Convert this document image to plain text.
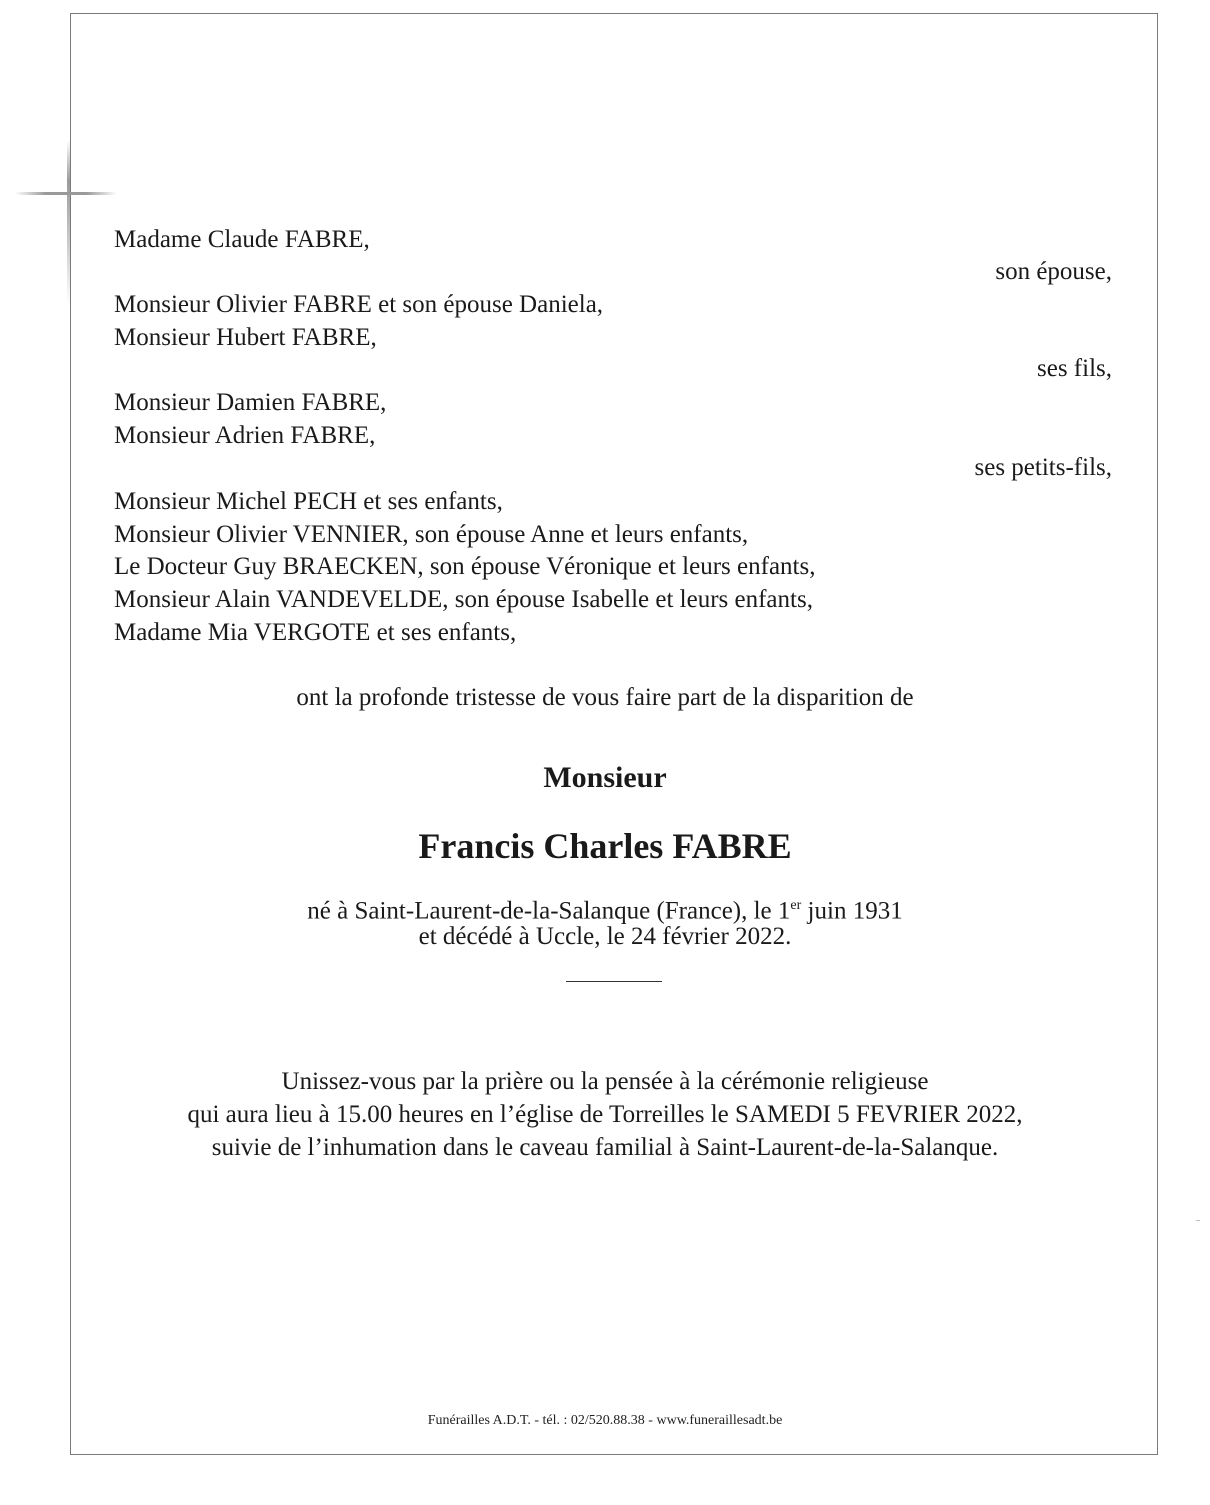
Madame Claude FABRE,
son épouse,
Monsieur Olivier FABRE et son épouse Daniela,
Monsieur Hubert FABRE,
ses fils,
Monsieur Damien FABRE,
Monsieur Adrien FABRE,
ses petits-fils,
Monsieur Michel PECH et ses enfants,
Monsieur Olivier VENNIER, son épouse Anne et leurs enfants,
Le Docteur Guy BRAECKEN, son épouse Véronique et leurs enfants,
Monsieur Alain VANDEVELDE, son épouse Isabelle et leurs enfants,
Madame Mia VERGOTE et ses enfants,
ont la profonde tristesse de vous faire part de la disparition de
Monsieur
Francis Charles FABRE
né à Saint-Laurent-de-la-Salanque (France), le 1er juin 1931
et décédé à Uccle, le 24 février 2022.
Unissez-vous par la prière ou la pensée à la cérémonie religieuse
qui aura lieu à 15.00 heures en l’église de Torreilles le SAMEDI 5 FEVRIER 2022,
suivie de l’inhumation dans le caveau familial à Saint-Laurent-de-la-Salanque.
Funérailles A.D.T. - tél. : 02/520.88.38 - www.funeraillesadt.be
